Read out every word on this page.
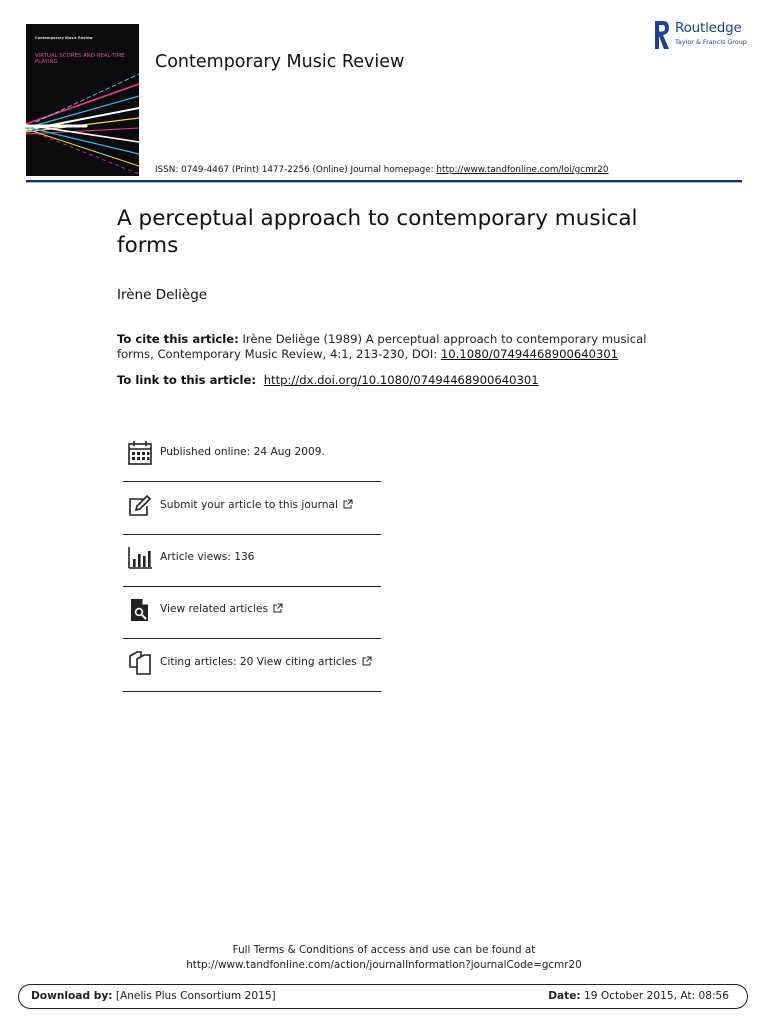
Contemporary Music Review
VIRTUAL SCORES AND REAL-TIME PLAYING	Contemporary Music Review
ISSN: 0749-4467 (Print) 1477-2256 (Online) Journal homepage: http://www.tandfonline.com/loi/gcmr20
Routledge
Taylor & Francis Group
A perceptual approach to contemporary musical forms
Irène Deliège
To cite this article: Irène Deliège (1989) A perceptual approach to contemporary musical forms, Contemporary Music Review, 4:1, 213-230, DOI: 10.1080/07494468900640301
To link to this article:  http://dx.doi.org/10.1080/07494468900640301
Published online: 24 Aug 2009.
Submit your article to this journal
Article views: 136
View related articles
Citing articles: 20 View citing articles
Full Terms & Conditions of access and use can be found at
http://www.tandfonline.com/action/journalInformation?journalCode=gcmr20
Download by: [Anelis Plus Consortium 2015]	Date: 19 October 2015, At: 08:56
